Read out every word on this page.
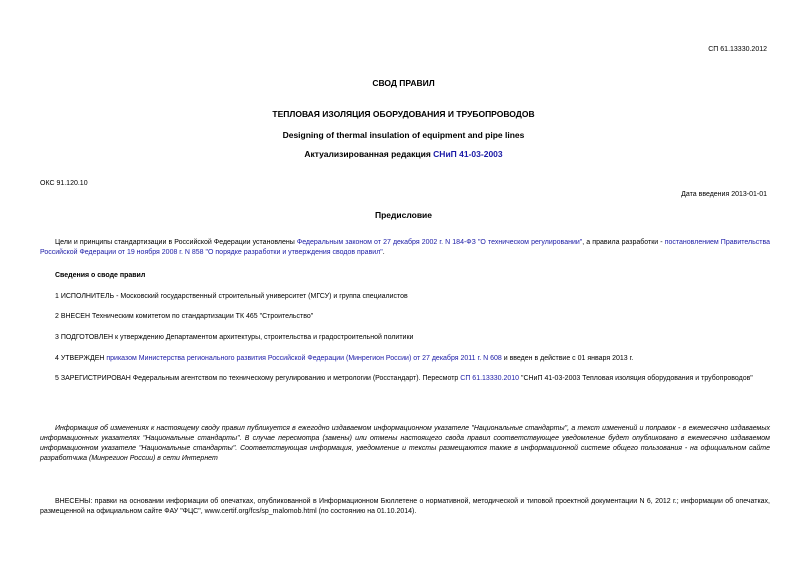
СП 61.13330.2012
СВОД ПРАВИЛ
ТЕПЛОВАЯ ИЗОЛЯЦИЯ ОБОРУДОВАНИЯ И ТРУБОПРОВОДОВ
Designing of thermal insulation of equipment and pipe lines
Актуализированная редакция СНиП 41-03-2003
ОКС 91.120.10
Дата введения 2013-01-01
Предисловие
Цели и принципы стандартизации в Российской Федерации установлены Федеральным законом от 27 декабря 2002 г. N 184-ФЗ "О техническом регулировании", а правила разработки - постановлением Правительства Российской Федерации от 19 ноября 2008 г. N 858 "О порядке разработки и утверждения сводов правил".
Сведения о своде правил
1 ИСПОЛНИТЕЛЬ - Московский государственный строительный университет (МГСУ) и группа специалистов
2 ВНЕСЕН Техническим комитетом по стандартизации ТК 465 "Строительство"
3 ПОДГОТОВЛЕН к утверждению Департаментом архитектуры, строительства и градостроительной политики
4 УТВЕРЖДЕН приказом Министерства регионального развития Российской Федерации (Минрегион России) от 27 декабря 2011 г. N 608 и введен в действие с 01 января 2013 г.
5 ЗАРЕГИСТРИРОВАН Федеральным агентством по техническому регулированию и метрологии (Росстандарт). Пересмотр СП 61.13330.2010 "СНиП 41-03-2003 Тепловая изоляция оборудования и трубопроводов"
Информация об изменениях к настоящему своду правил публикуется в ежегодно издаваемом информационном указателе "Национальные стандарты", а текст изменений и поправок - в ежемесячно издаваемых информационных указателях "Национальные стандарты". В случае пересмотра (замены) или отмены настоящего свода правил соответствующее уведомление будет опубликовано в ежемесячно издаваемом информационном указателе "Национальные стандарты". Соответствующая информация, уведомление и тексты размещаются также в информационной системе общего пользования - на официальном сайте разработчика (Минрегион России) в сети Интернет
ВНЕСЕНЫ: правки на основании информации об опечатках, опубликованной в Информационном Бюллетене о нормативной, методической и типовой проектной документации N 6, 2012 г.; информации об опечатках, размещенной на официальном сайте ФАУ "ФЦС", www.certif.org/fcs/sp_malomob.html (по состоянию на 01.10.2014).
